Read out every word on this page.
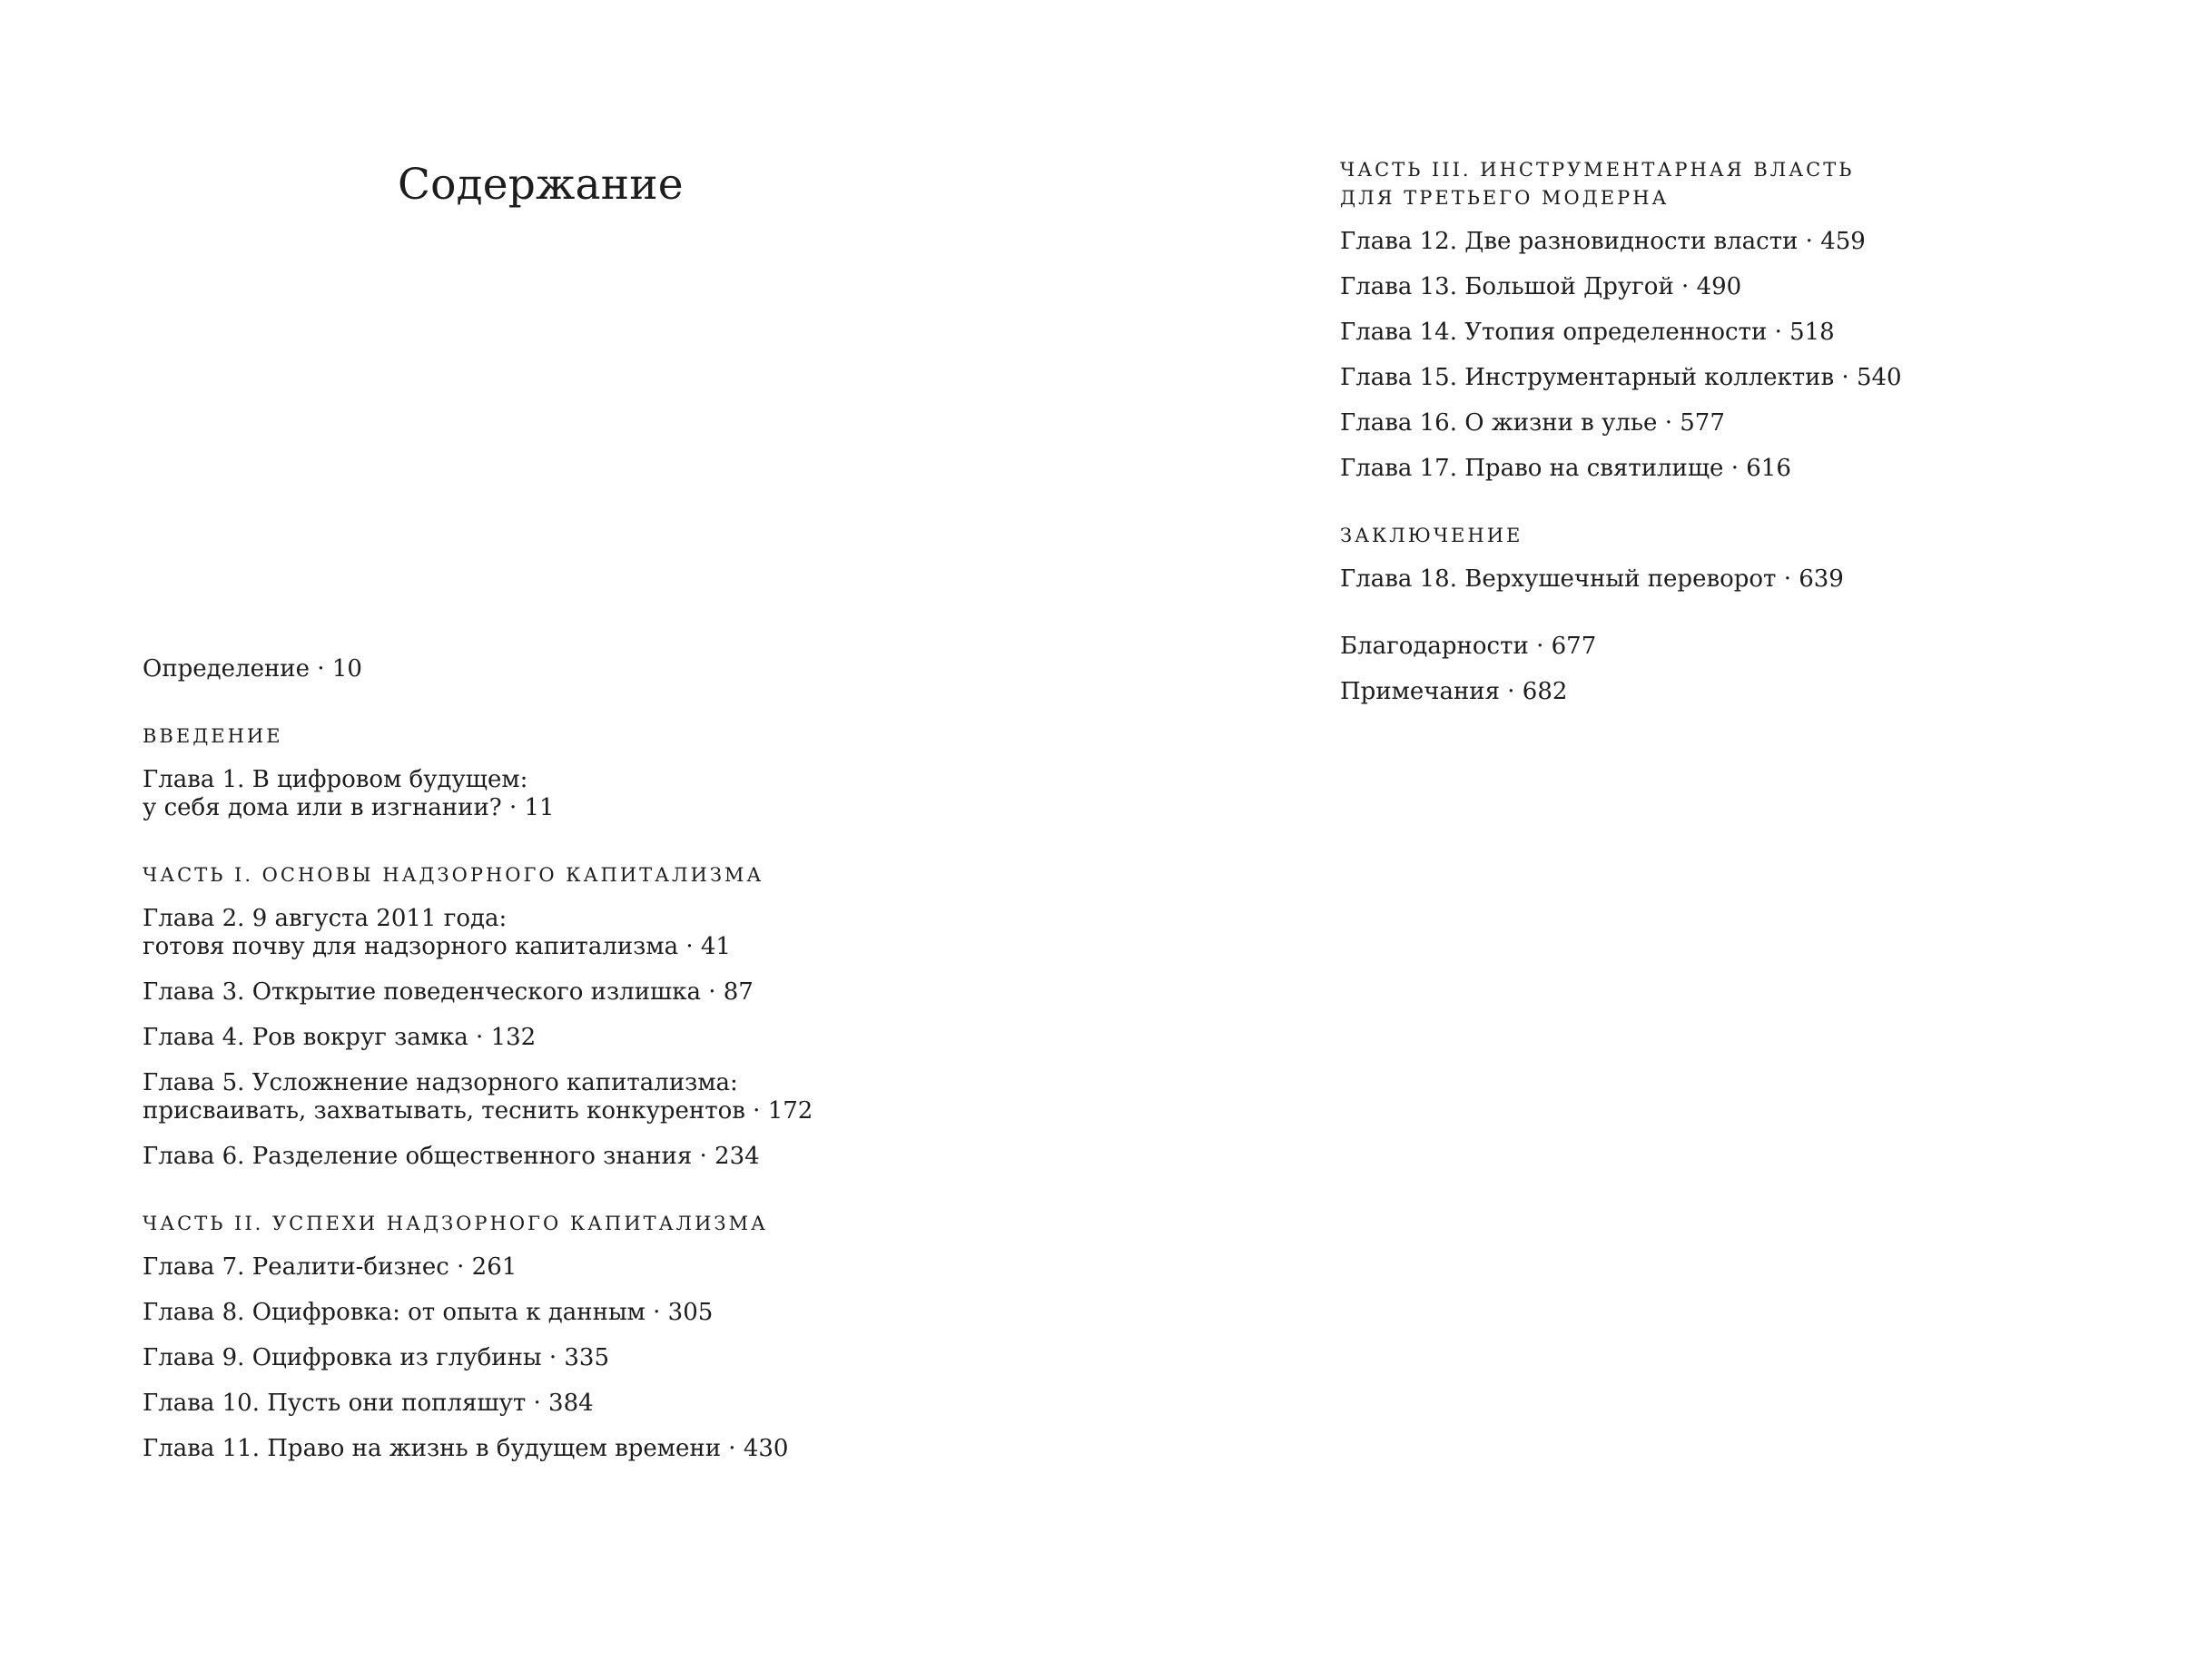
Содержание
Определение · 10
ВВЕДЕНИЕ
Глава 1. В цифровом будущем:
у себя дома или в изгнании? · 11
ЧАСТЬ I. ОСНОВЫ НАДЗОРНОГО КАПИТАЛИЗМА
Глава 2. 9 августа 2011 года:
готовя почву для надзорного капитализма · 41
Глава 3. Открытие поведенческого излишка · 87
Глава 4. Ров вокруг замка · 132
Глава 5. Усложнение надзорного капитализма:
присваивать, захватывать, теснить конкурентов · 172
Глава 6. Разделение общественного знания · 234
ЧАСТЬ II. УСПЕХИ НАДЗОРНОГО КАПИТАЛИЗМА
Глава 7. Реалити-бизнес · 261
Глава 8. Оцифровка: от опыта к данным · 305
Глава 9. Оцифровка из глубины · 335
Глава 10. Пусть они попляшут · 384
Глава 11. Право на жизнь в будущем времени · 430
ЧАСТЬ III. ИНСТРУМЕНТАРНАЯ ВЛАСТЬ
ДЛЯ ТРЕТЬЕГО МОДЕРНА
Глава 12. Две разновидности власти · 459
Глава 13. Большой Другой · 490
Глава 14. Утопия определенности · 518
Глава 15. Инструментарный коллектив · 540
Глава 16. О жизни в улье · 577
Глава 17. Право на святилище · 616
ЗАКЛЮЧЕНИЕ
Глава 18. Верхушечный переворот · 639
Благодарности · 677
Примечания · 682
